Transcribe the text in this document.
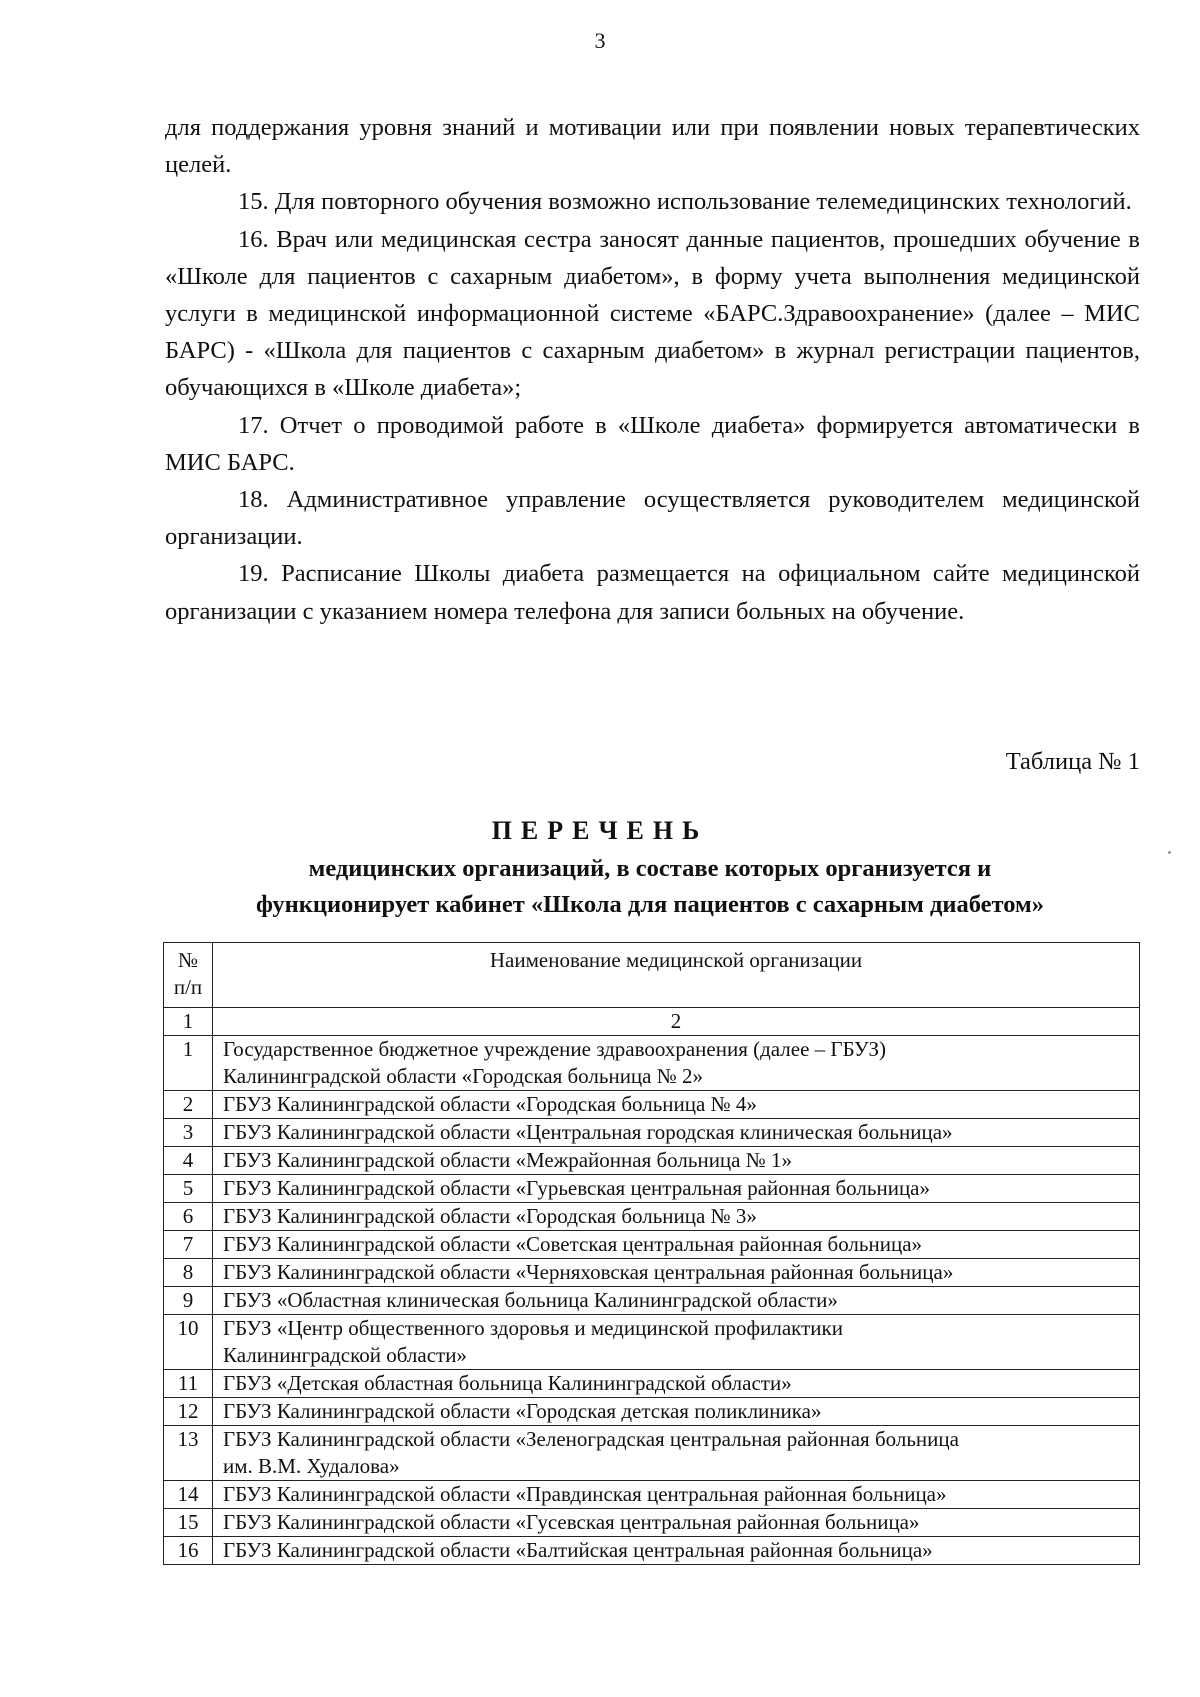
3

для поддержания уровня знаний и мотивации или при появлении новых терапевтических целей.

15. Для повторного обучения возможно использование телемедицинских технологий.

16. Врач или медицинская сестра заносят данные пациентов, прошедших обучение в «Школе для пациентов с сахарным диабетом», в форму учета выполнения медицинской услуги в медицинской информационной системе «БАРС.Здравоохранение» (далее – МИС БАРС) - «Школа для пациентов с сахарным диабетом» в журнал регистрации пациентов, обучающихся в «Школе диабета»;

17. Отчет о проводимой работе в «Школе диабета» формируется автоматически в МИС БАРС.

18. Административное управление осуществляется руководителем медицинской организации.

19. Расписание Школы диабета размещается на официальном сайте медицинской организации с указанием номера телефона для записи больных на обучение.

Таблица № 1
ПЕРЕЧЕНЬ
медицинских организаций, в составе которых организуется и
функционирует кабинет «Школа для пациентов с сахарным диабетом»
№
п/п	Наименование медицинской организации
1	2
1	Государственное бюджетное учреждение здравоохранения (далее – ГБУЗ)
Калининградской области «Городская больница № 2»

2	ГБУЗ Калининградской области «Городская больница № 4»

3	ГБУЗ Калининградской области «Центральная городская клиническая больница»

4	ГБУЗ Калининградской области «Межрайонная больница № 1»

5	ГБУЗ Калининградской области «Гурьевская центральная районная больница»

6	ГБУЗ Калининградской области «Городская больница № 3»

7	ГБУЗ Калининградской области «Советская центральная районная больница»

8	ГБУЗ Калининградской области «Черняховская центральная районная больница»

9	ГБУЗ «Областная клиническая больница Калининградской области»

10	ГБУЗ «Центр общественного здоровья и медицинской профилактики
Калининградской области»

11	ГБУЗ «Детская областная больница Калининградской области»

12	ГБУЗ Калининградской области «Городская детская поликлиника»

13	ГБУЗ Калининградской области «Зеленоградская центральная районная больница
им. В.М. Худалова»

14	ГБУЗ Калининградской области «Правдинская центральная районная больница»

15	ГБУЗ Калининградской области «Гусевская центральная районная больница»

16	ГБУЗ Калининградской области «Балтийская центральная районная больница»
